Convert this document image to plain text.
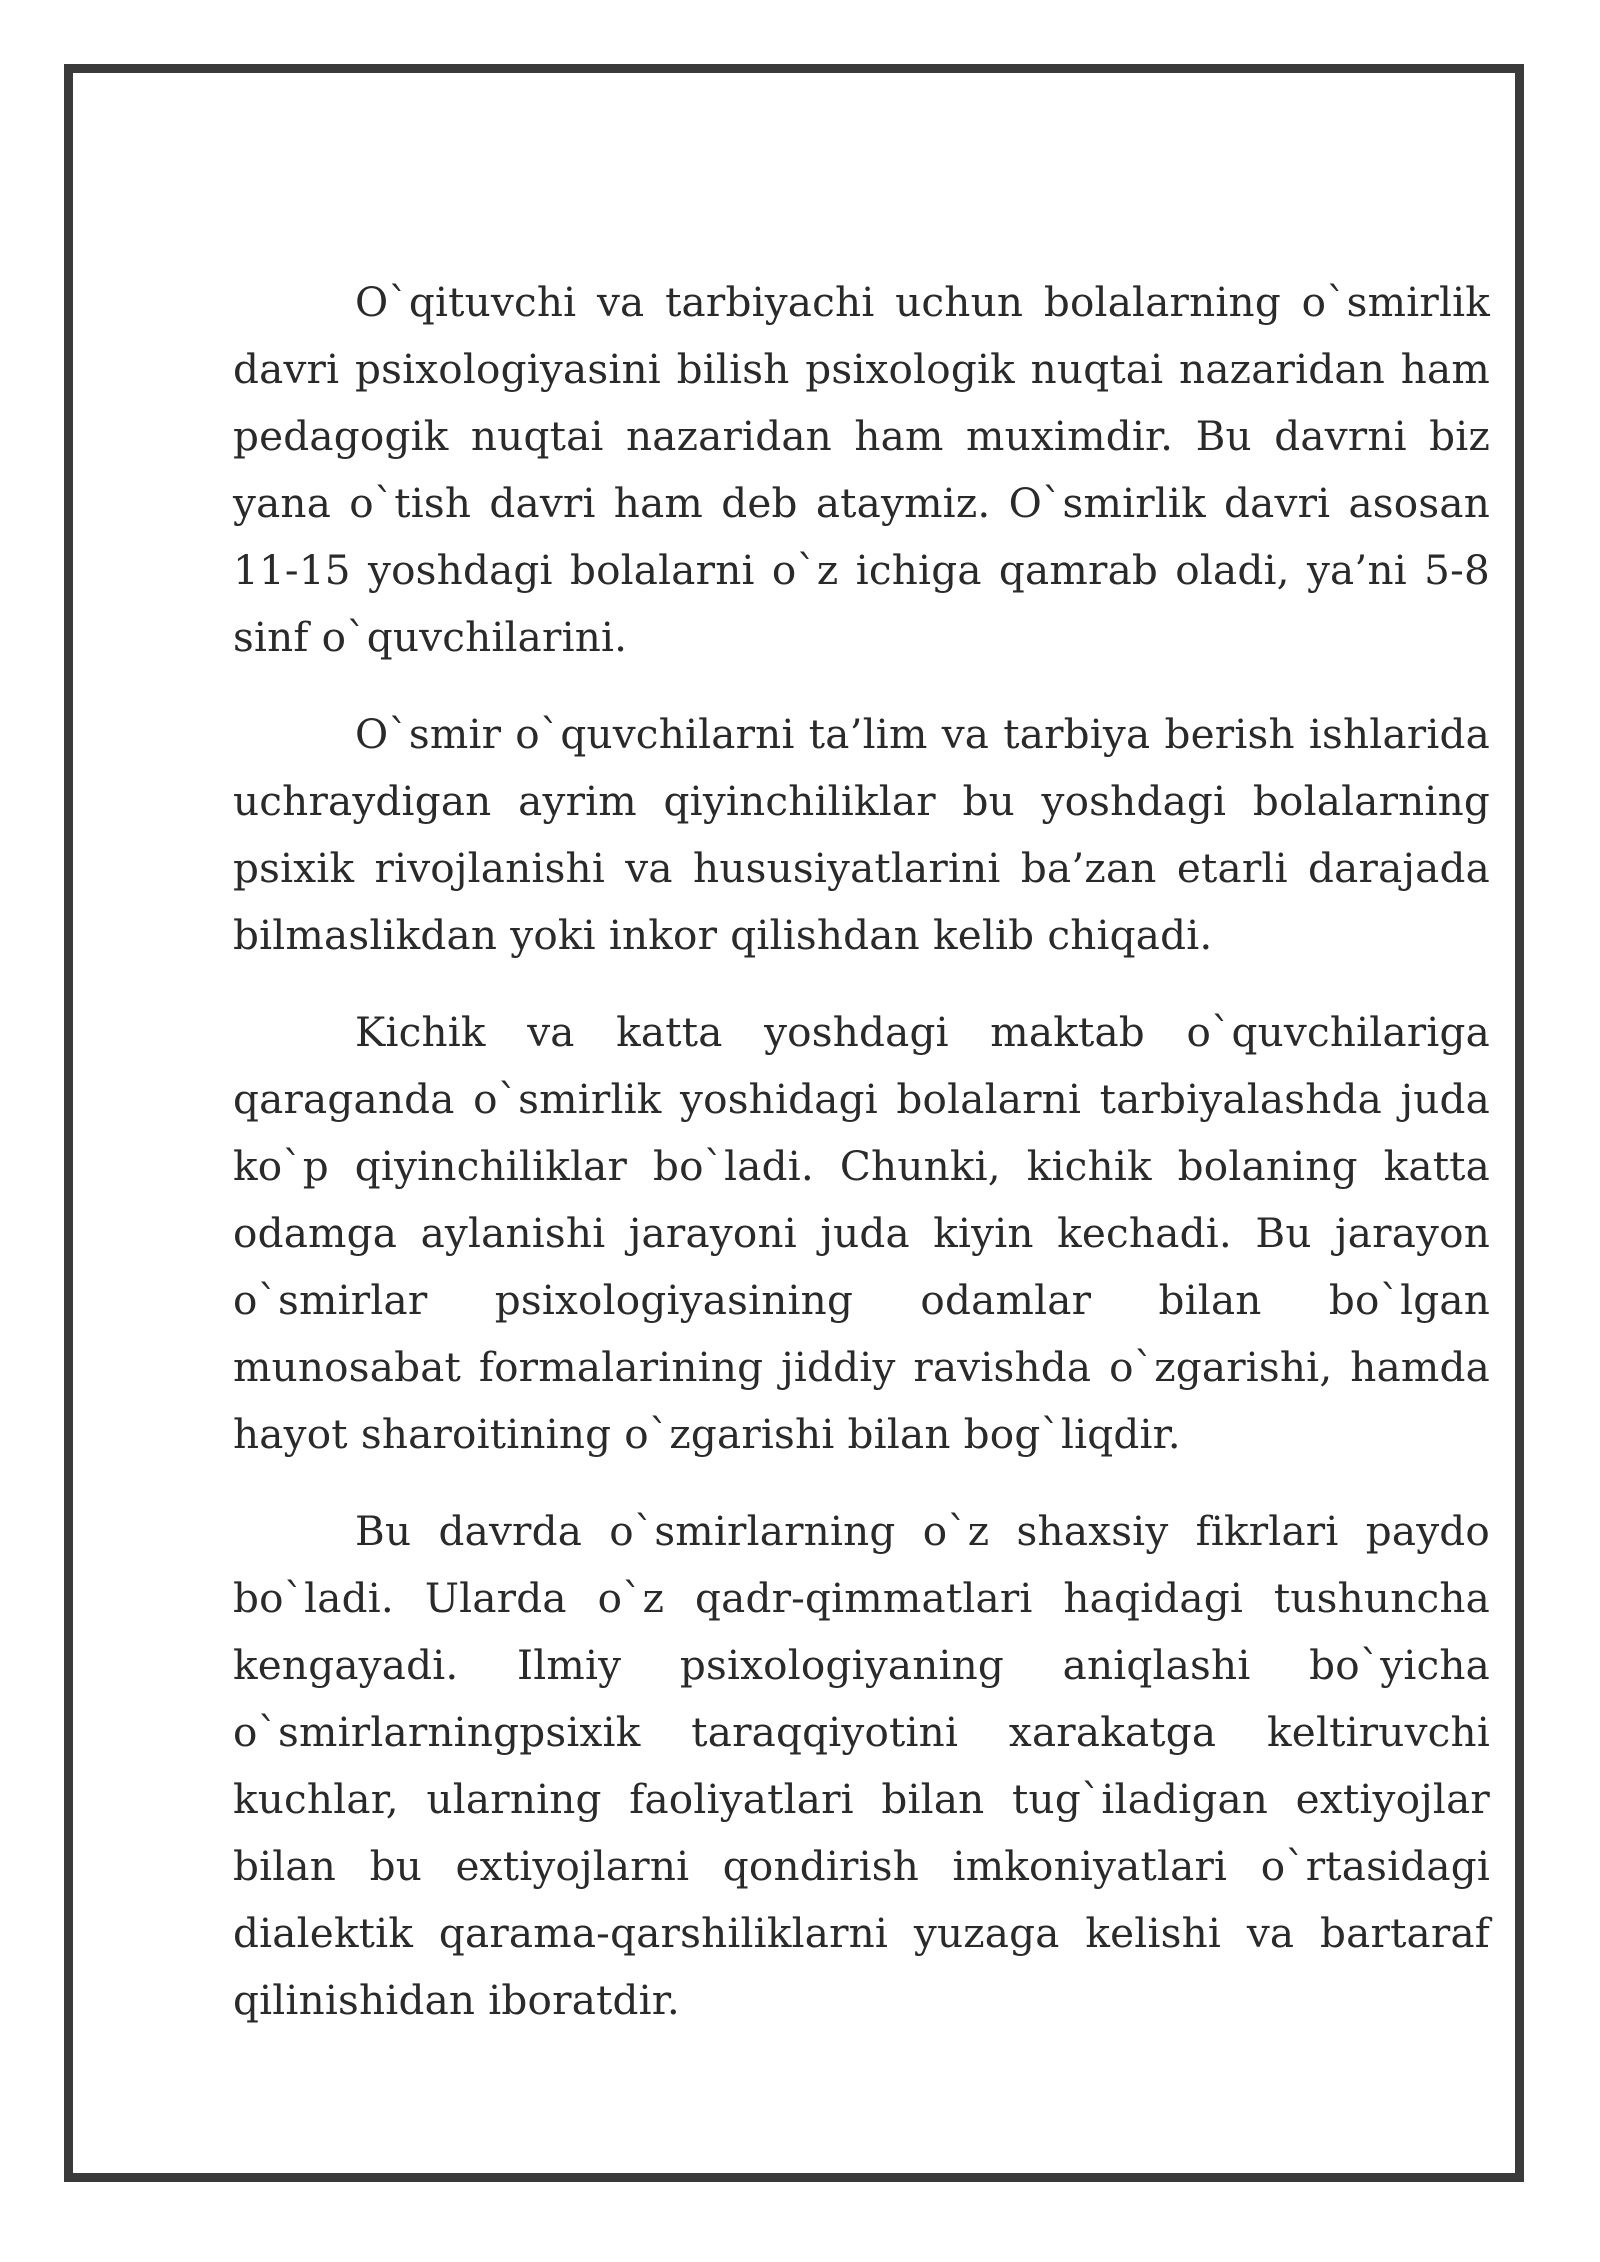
O`qituvchi va tarbiyachi uchun bolalarning o`smirlik davri psixologiyasini bilish psixologik nuqtai nazaridan ham pedagogik nuqtai nazaridan ham muximdir. Bu davrni biz yana o`tish davri ham deb ataymiz. O`smirlik davri asosan 11-15 yoshdagi bolalarni o`z ichiga qamrab oladi, ya’ni 5-8 sinf o`quvchilarini.

O`smir o`quvchilarni ta’lim va tarbiya berish ishlarida uchraydigan ayrim qiyinchiliklar bu yoshdagi bolalarning psixik rivojlanishi va hususiyatlarini ba’zan etarli darajada bilmaslikdan yoki inkor qilishdan kelib chiqadi.

Kichik va katta yoshdagi maktab o`quvchilariga qaraganda o`smirlik yoshidagi bolalarni tarbiyalashda juda ko`p qiyinchiliklar bo`ladi. Chunki, kichik bolaning katta odamga aylanishi jarayoni juda kiyin kechadi. Bu jarayon o`smirlar psixologiyasining odamlar bilan bo`lgan munosabat formalarining jiddiy ravishda o`zgarishi, hamda hayot sharoitining o`zgarishi bilan bog`liqdir.

Bu davrda o`smirlarning o`z shaxsiy fikrlari paydo bo`ladi. Ularda o`z qadr-qimmatlari haqidagi tushuncha kengayadi. Ilmiy psixologiyaning aniqlashi bo`yicha o`smirlarningpsixik taraqqiyotini xarakatga keltiruvchi kuchlar, ularning faoliyatlari bilan tug`iladigan extiyojlar bilan bu extiyojlarni qondirish imkoniyatlari o`rtasidagi dialektik qarama-qarshiliklarni yuzaga kelishi va bartaraf qilinishidan iboratdir.
